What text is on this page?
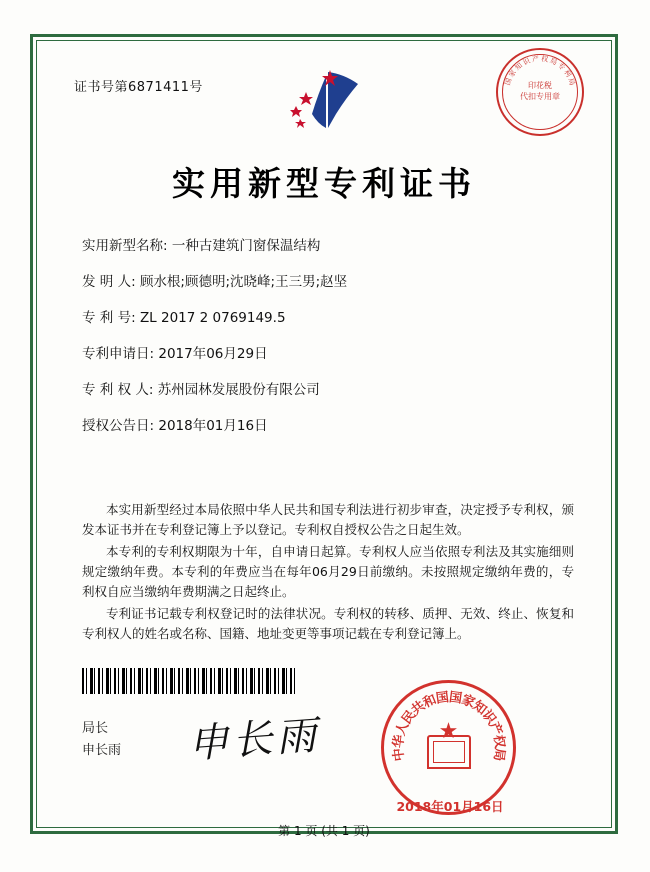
证书号第6871411号	国
家
知
识 产 权 局
专
利
局
印花税
代扣专用章
实用新型专利证书
实用新型名称: 一种古建筑门窗保温结构
发 明 人: 顾水根;顾德明;沈晓峰;王三男;赵坚
专 利 号: ZL 2017 2 0769149.5
专利申请日: 2017年06月29日
专 利 权 人: 苏州园林发展股份有限公司
授权公告日: 2018年01月16日

本实用新型经过本局依照中华人民共和国专利法进行初步审查，决定授予专利权，颁发本证书并在专利登记簿上予以登记。专利权自授权公告之日起生效。

本专利的专利权期限为十年，自申请日起算。专利权人应当依照专利法及其实施细则规定缴纳年费。本专利的年费应当在每年06月29日前缴纳。未按照规定缴纳年费的，专利权自应当缴纳年费期满之日起终止。

专利证书记载专利权登记时的法律状况。专利权的转移、质押、无效、终止、恢复和专利权人的姓名或名称、国籍、地址变更等事项记载在专利登记簿上。

局长
申长雨 申长雨	中
华
人
民
共
和
国
国
家
知
识
产
权
局
★
2018年01月16日
第 1 页 (共 1 页)
